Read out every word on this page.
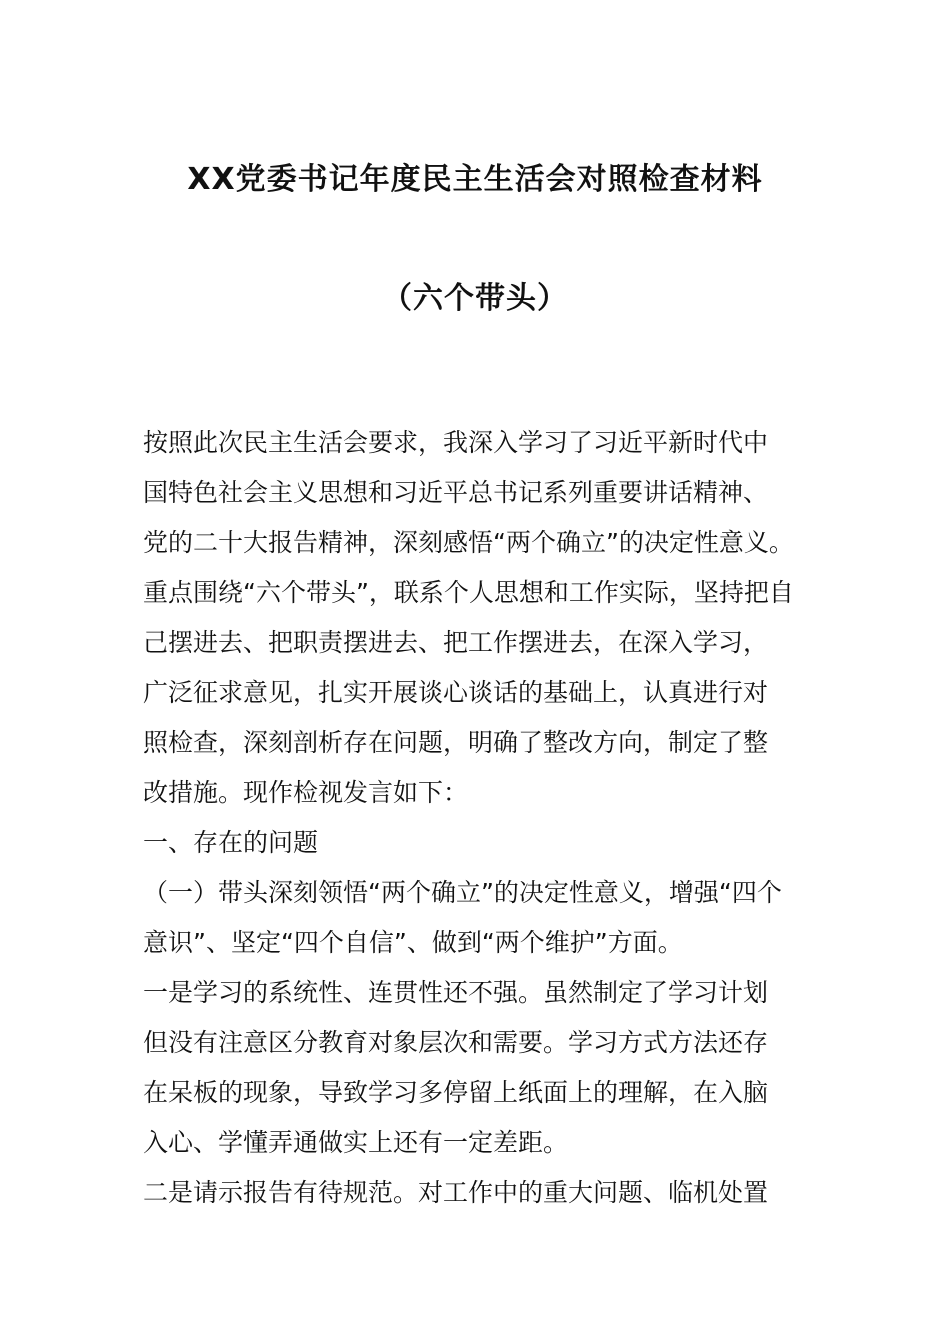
XX党委书记年度民主生活会对照检查材料
（六个带头）
按照此次民主生活会要求，我深入学习了习近平新时代中
国特色社会主义思想和习近平总书记系列重要讲话精神、
党的二十大报告精神，深刻感悟“两个确立”的决定性意义。
重点围绕“六个带头”，联系个人思想和工作实际，坚持把自
己摆进去、把职责摆进去、把工作摆进去，在深入学习，
广泛征求意见，扎实开展谈心谈话的基础上，认真进行对
照检查，深刻剖析存在问题，明确了整改方向，制定了整
改措施。现作检视发言如下：
一、存在的问题
（一）带头深刻领悟“两个确立”的决定性意义，增强“四个
意识”、坚定“四个自信”、做到“两个维护”方面。
一是学习的系统性、连贯性还不强。虽然制定了学习计划
但没有注意区分教育对象层次和需要。学习方式方法还存
在呆板的现象，导致学习多停留上纸面上的理解，在入脑
入心、学懂弄通做实上还有一定差距。
二是请示报告有待规范。对工作中的重大问题、临机处置
